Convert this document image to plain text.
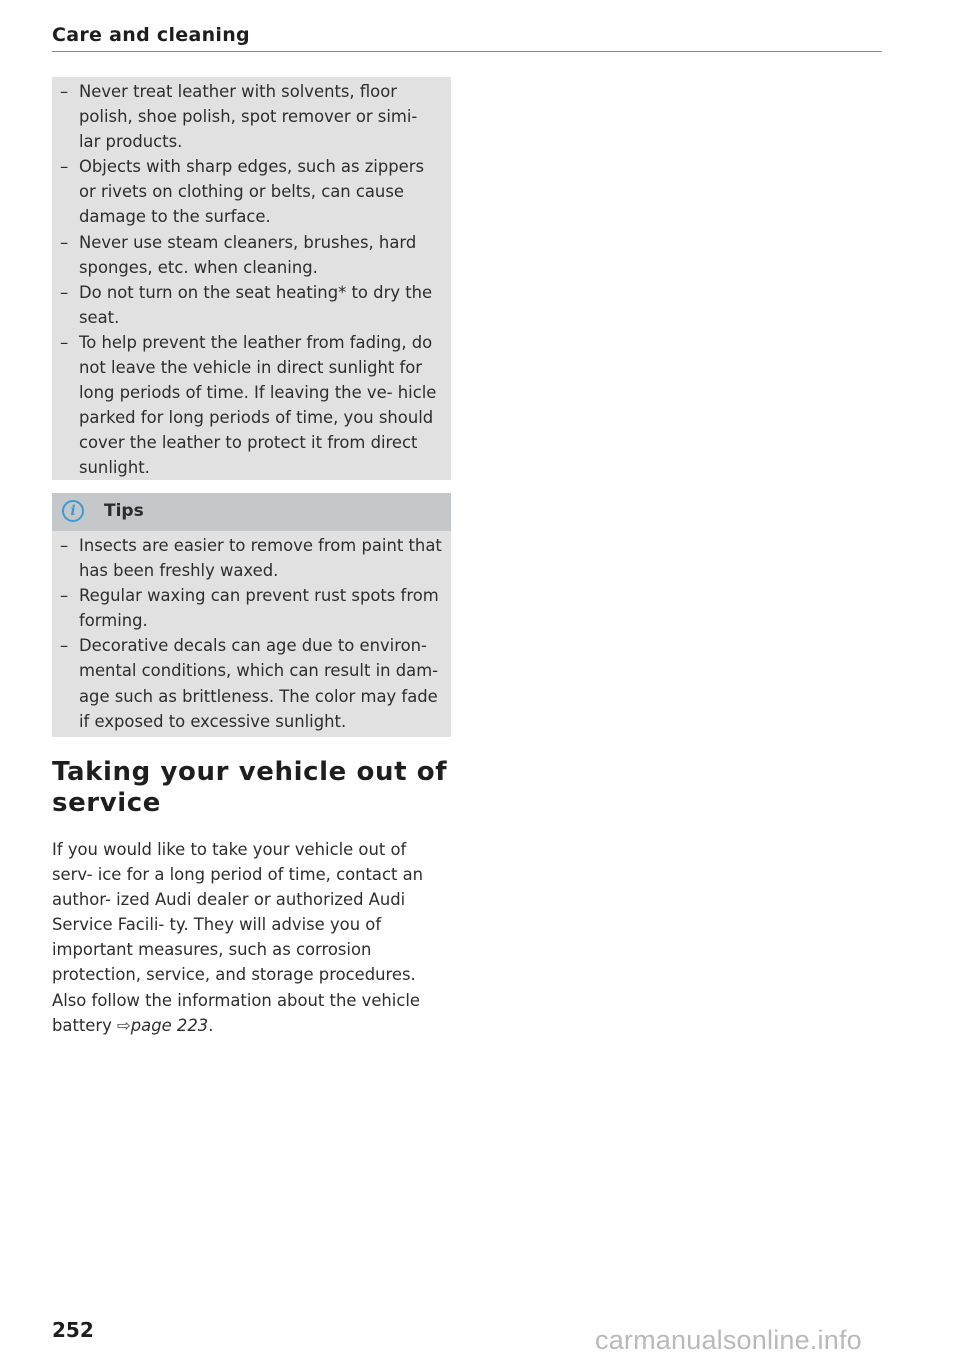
Care and cleaning
– Never treat leather with solvents, floor polish, shoe polish, spot remover or simi- lar products.
– Objects with sharp edges, such as zippers or rivets on clothing or belts, can cause damage to the surface.
– Never use steam cleaners, brushes, hard sponges, etc. when cleaning.
– Do not turn on the seat heating* to dry the seat.
– To help prevent the leather from fading, do not leave the vehicle in direct sunlight for long periods of time. If leaving the ve- hicle parked for long periods of time, you should cover the leather to protect it from direct sunlight.
i	Tips
– Insects are easier to remove from paint that has been freshly waxed.
– Regular waxing can prevent rust spots from forming.
– Decorative decals can age due to environ- mental conditions, which can result in dam- age such as brittleness. The color may fade if exposed to excessive sunlight.
Taking your vehicle out of service

If you would like to take your vehicle out of serv- ice for a long period of time, contact an author- ized Audi dealer or authorized Audi Service Facili- ty. They will advise you of important measures, such as corrosion protection, service, and storage procedures. Also follow the information about the vehicle battery ⇨page 223.

252	carmanualsonline.info
